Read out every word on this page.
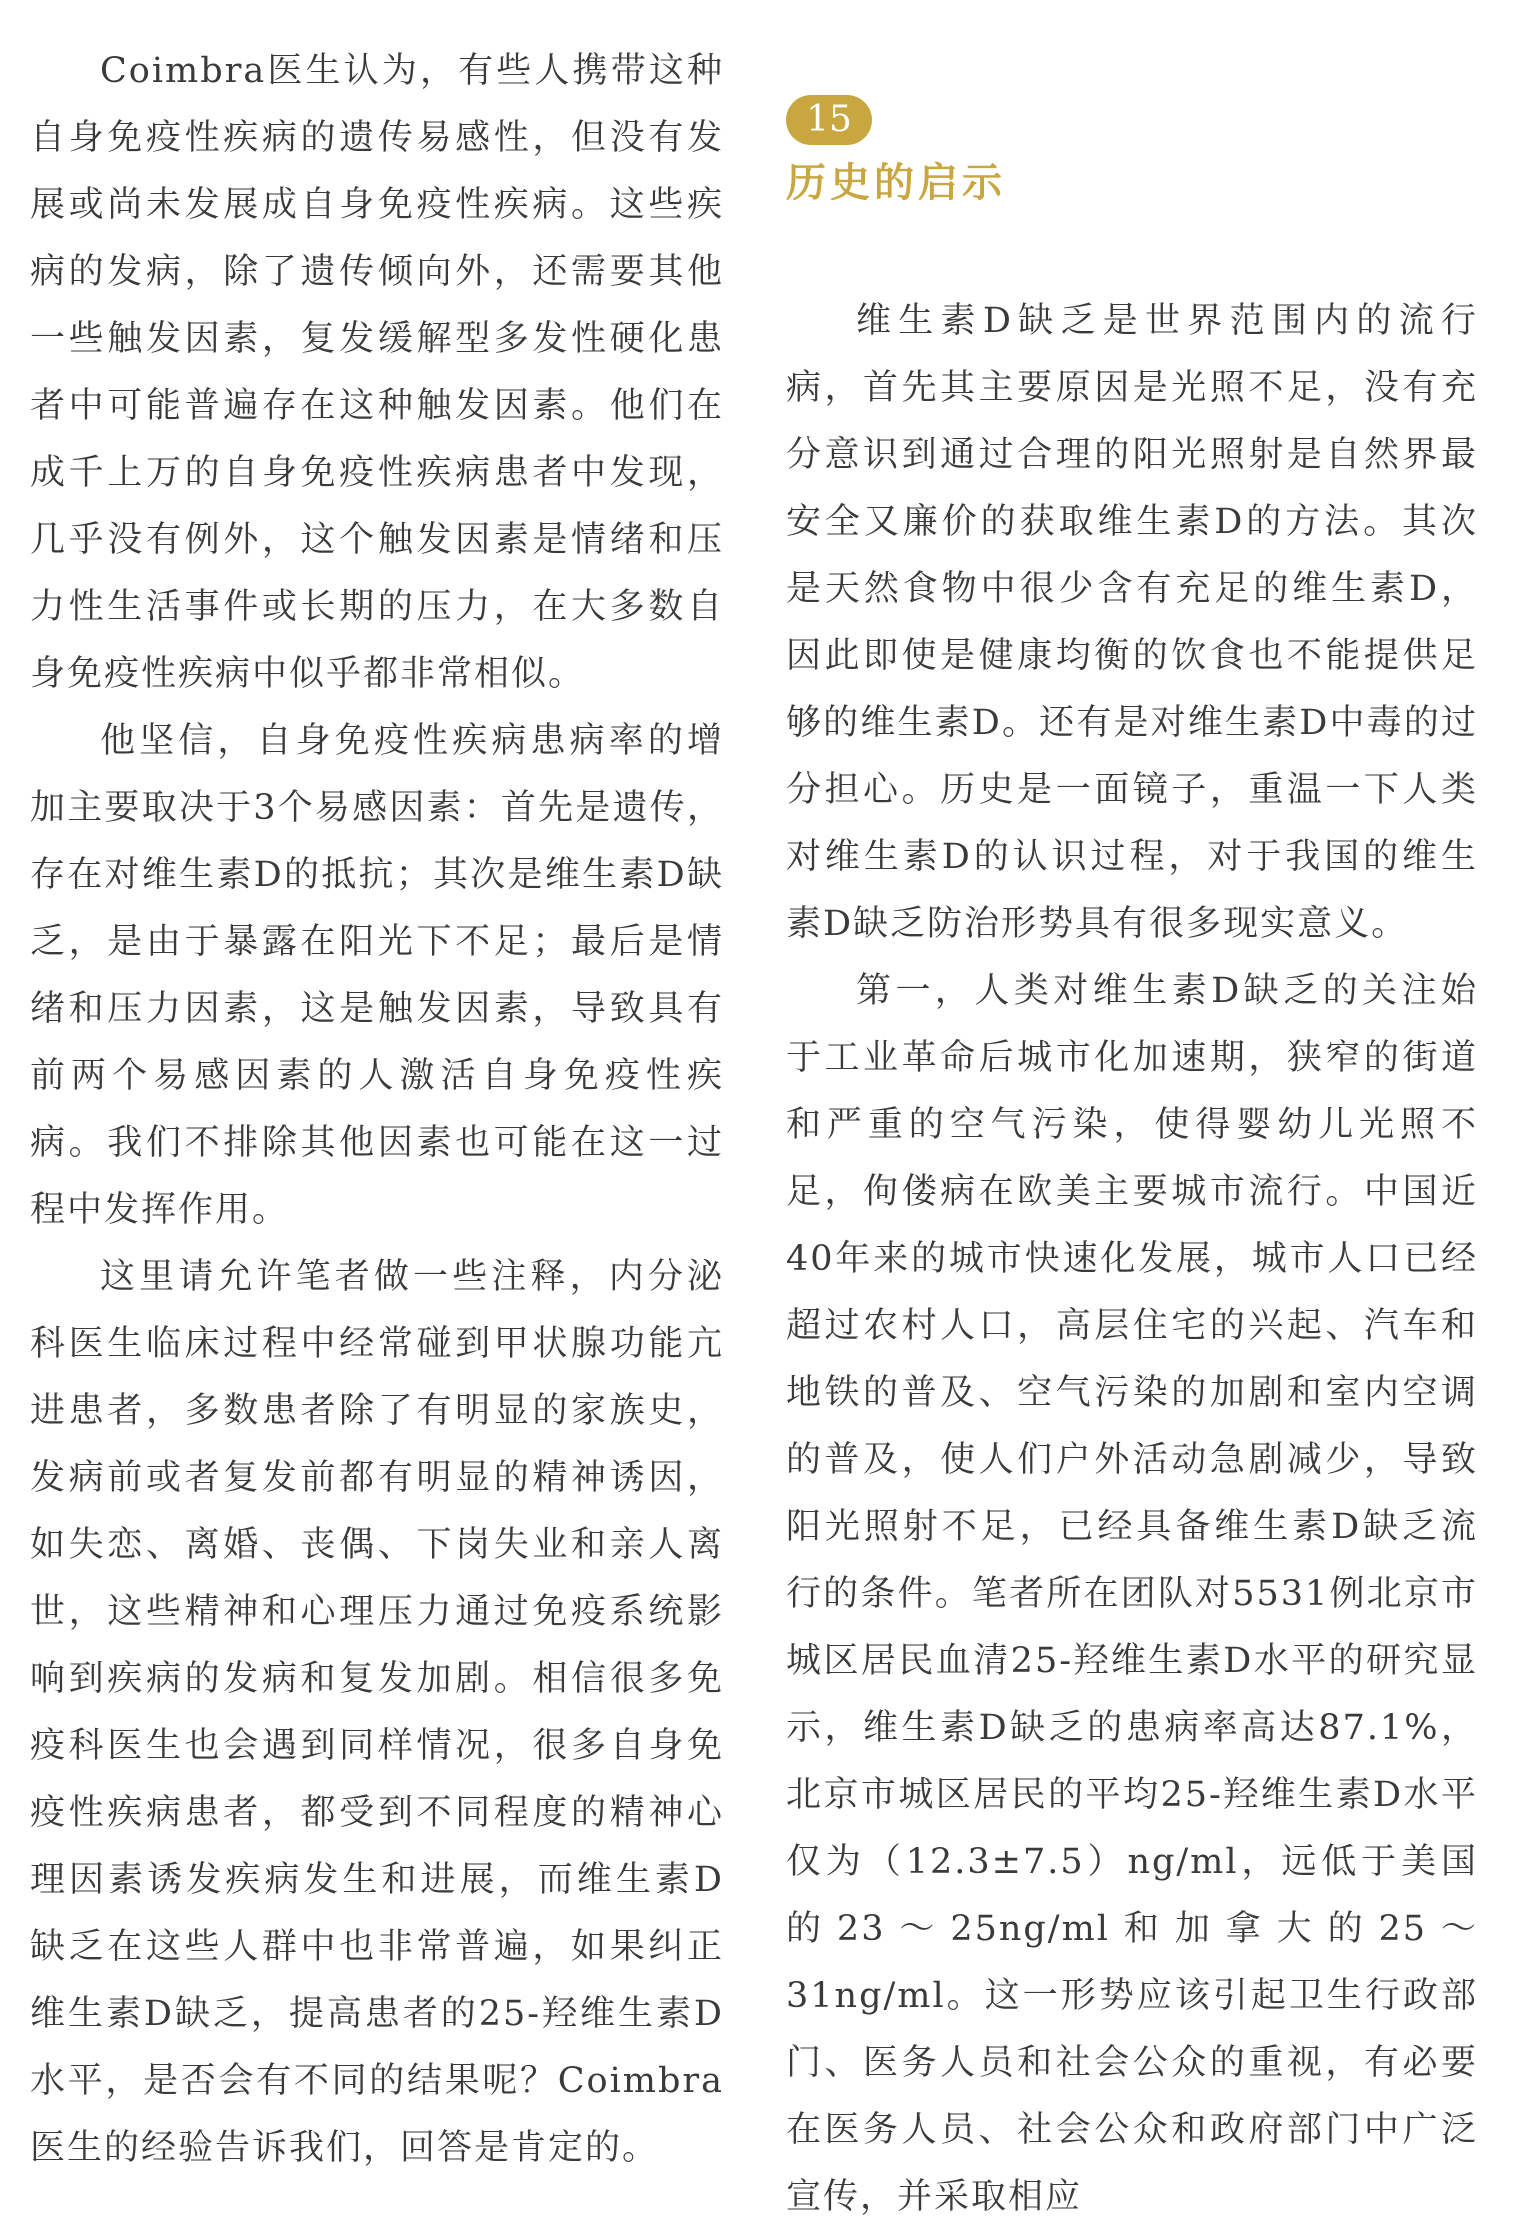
Coimbra医生认为，有些人携带这种自身免疫性疾病的遗传易感性，但没有发展或尚未发展成自身免疫性疾病。这些疾病的发病，除了遗传倾向外，还需要其他一些触发因素，复发缓解型多发性硬化患者中可能普遍存在这种触发因素。他们在成千上万的自身免疫性疾病患者中发现，几乎没有例外，这个触发因素是情绪和压力性生活事件或长期的压力，在大多数自身免疫性疾病中似乎都非常相似。

他坚信，自身免疫性疾病患病率的增加主要取决于3个易感因素：首先是遗传，存在对维生素D的抵抗；其次是维生素D缺乏，是由于暴露在阳光下不足；最后是情绪和压力因素，这是触发因素，导致具有前两个易感因素的人激活自身免疫性疾病。我们不排除其他因素也可能在这一过程中发挥作用。

这里请允许笔者做一些注释，内分泌科医生临床过程中经常碰到甲状腺功能亢进患者，多数患者除了有明显的家族史，发病前或者复发前都有明显的精神诱因，如失恋、离婚、丧偶、下岗失业和亲人离世，这些精神和心理压力通过免疫系统影响到疾病的发病和复发加剧。相信很多免疫科医生也会遇到同样情况，很多自身免疫性疾病患者，都受到不同程度的精神心理因素诱发疾病发生和进展，而维生素D缺乏在这些人群中也非常普遍，如果纠正维生素D缺乏，提高患者的25-羟维生素D水平，是否会有不同的结果呢？Coimbra医生的经验告诉我们，回答是肯定的。

15
历史的启示

维生素D缺乏是世界范围内的流行病，首先其主要原因是光照不足，没有充分意识到通过合理的阳光照射是自然界最安全又廉价的获取维生素D的方法。其次是天然食物中很少含有充足的维生素D，因此即使是健康均衡的饮食也不能提供足够的维生素D。还有是对维生素D中毒的过分担心。历史是一面镜子，重温一下人类对维生素D的认识过程，对于我国的维生素D缺乏防治形势具有很多现实意义。

第一，人类对维生素D缺乏的关注始于工业革命后城市化加速期，狭窄的街道和严重的空气污染，使得婴幼儿光照不足，佝偻病在欧美主要城市流行。中国近40年来的城市快速化发展，城市人口已经超过农村人口，高层住宅的兴起、汽车和地铁的普及、空气污染的加剧和室内空调的普及，使人们户外活动急剧减少，导致阳光照射不足，已经具备维生素D缺乏流行的条件。笔者所在团队对5531例北京市城区居民血清25-羟维生素D水平的研究显示，维生素D缺乏的患病率高达87.1%，北京市城区居民的平均25-羟维生素D水平仅为（12.3±7.5）ng/ml，远低于美国的23～25ng/ml和加拿大的25～31ng/ml。这一形势应该引起卫生行政部门、医务人员和社会公众的重视，有必要在医务人员、社会公众和政府部门中广泛宣传，并采取相应
